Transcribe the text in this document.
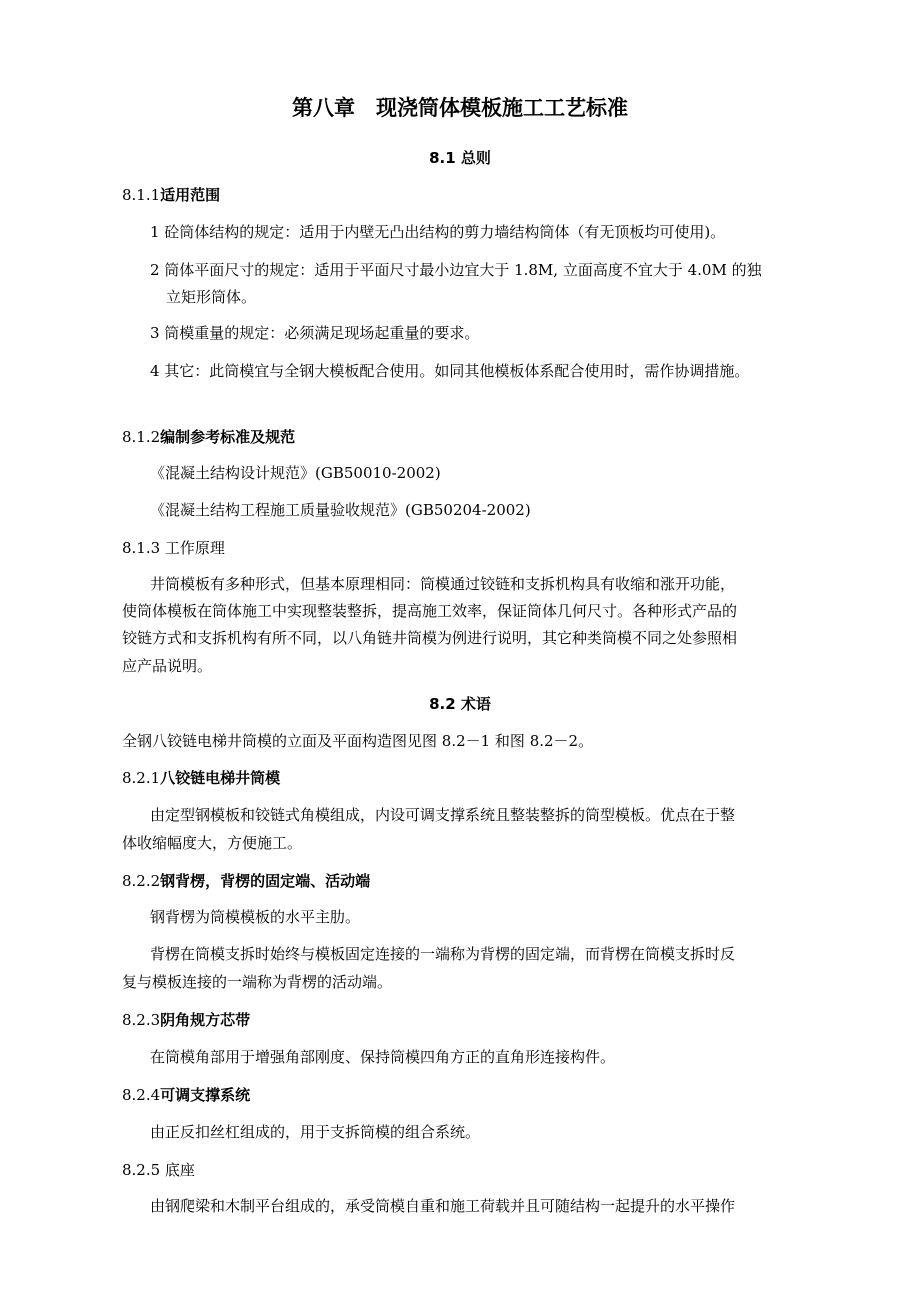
第八章　现浇筒体模板施工工艺标准
8.1 总则
8.1.1适用范围
1 砼筒体结构的规定：适用于内壁无凸出结构的剪力墙结构筒体（有无顶板均可使用)。
2 筒体平面尺寸的规定：适用于平面尺寸最小边宜大于 1.8M, 立面高度不宜大于 4.0M 的独
立矩形筒体。
3 筒模重量的规定：必须满足现场起重量的要求。
4 其它：此筒模宜与全钢大模板配合使用。如同其他模板体系配合使用时，需作协调措施。
8.1.2编制参考标准及规范
《混凝土结构设计规范》(GB50010-2002)
《混凝土结构工程施工质量验收规范》(GB50204-2002)
8.1.3 工作原理
井筒模板有多种形式，但基本原理相同：筒模通过铰链和支拆机构具有收缩和涨开功能，
使筒体模板在筒体施工中实现整装整拆，提高施工效率，保证筒体几何尺寸。各种形式产品的
铰链方式和支拆机构有所不同，以八角链井筒模为例进行说明，其它种类筒模不同之处参照相
应产品说明。
8.2 术语
全钢八铰链电梯井筒模的立面及平面构造图见图 8.2－1 和图 8.2－2。
8.2.1八铰链电梯井筒模
由定型钢模板和铰链式角模组成，内设可调支撑系统且整装整拆的筒型模板。优点在于整
体收缩幅度大，方便施工。
8.2.2钢背楞，背楞的固定端、活动端
钢背楞为筒模模板的水平主肋。
背楞在筒模支拆时始终与模板固定连接的一端称为背楞的固定端，而背楞在筒模支拆时反
复与模板连接的一端称为背楞的活动端。
8.2.3阴角规方芯带
在筒模角部用于增强角部刚度、保持筒模四角方正的直角形连接构件。
8.2.4可调支撑系统
由正反扣丝杠组成的，用于支拆筒模的组合系统。
8.2.5 底座
由钢爬梁和木制平台组成的，承受筒模自重和施工荷载并且可随结构一起提升的水平操作
